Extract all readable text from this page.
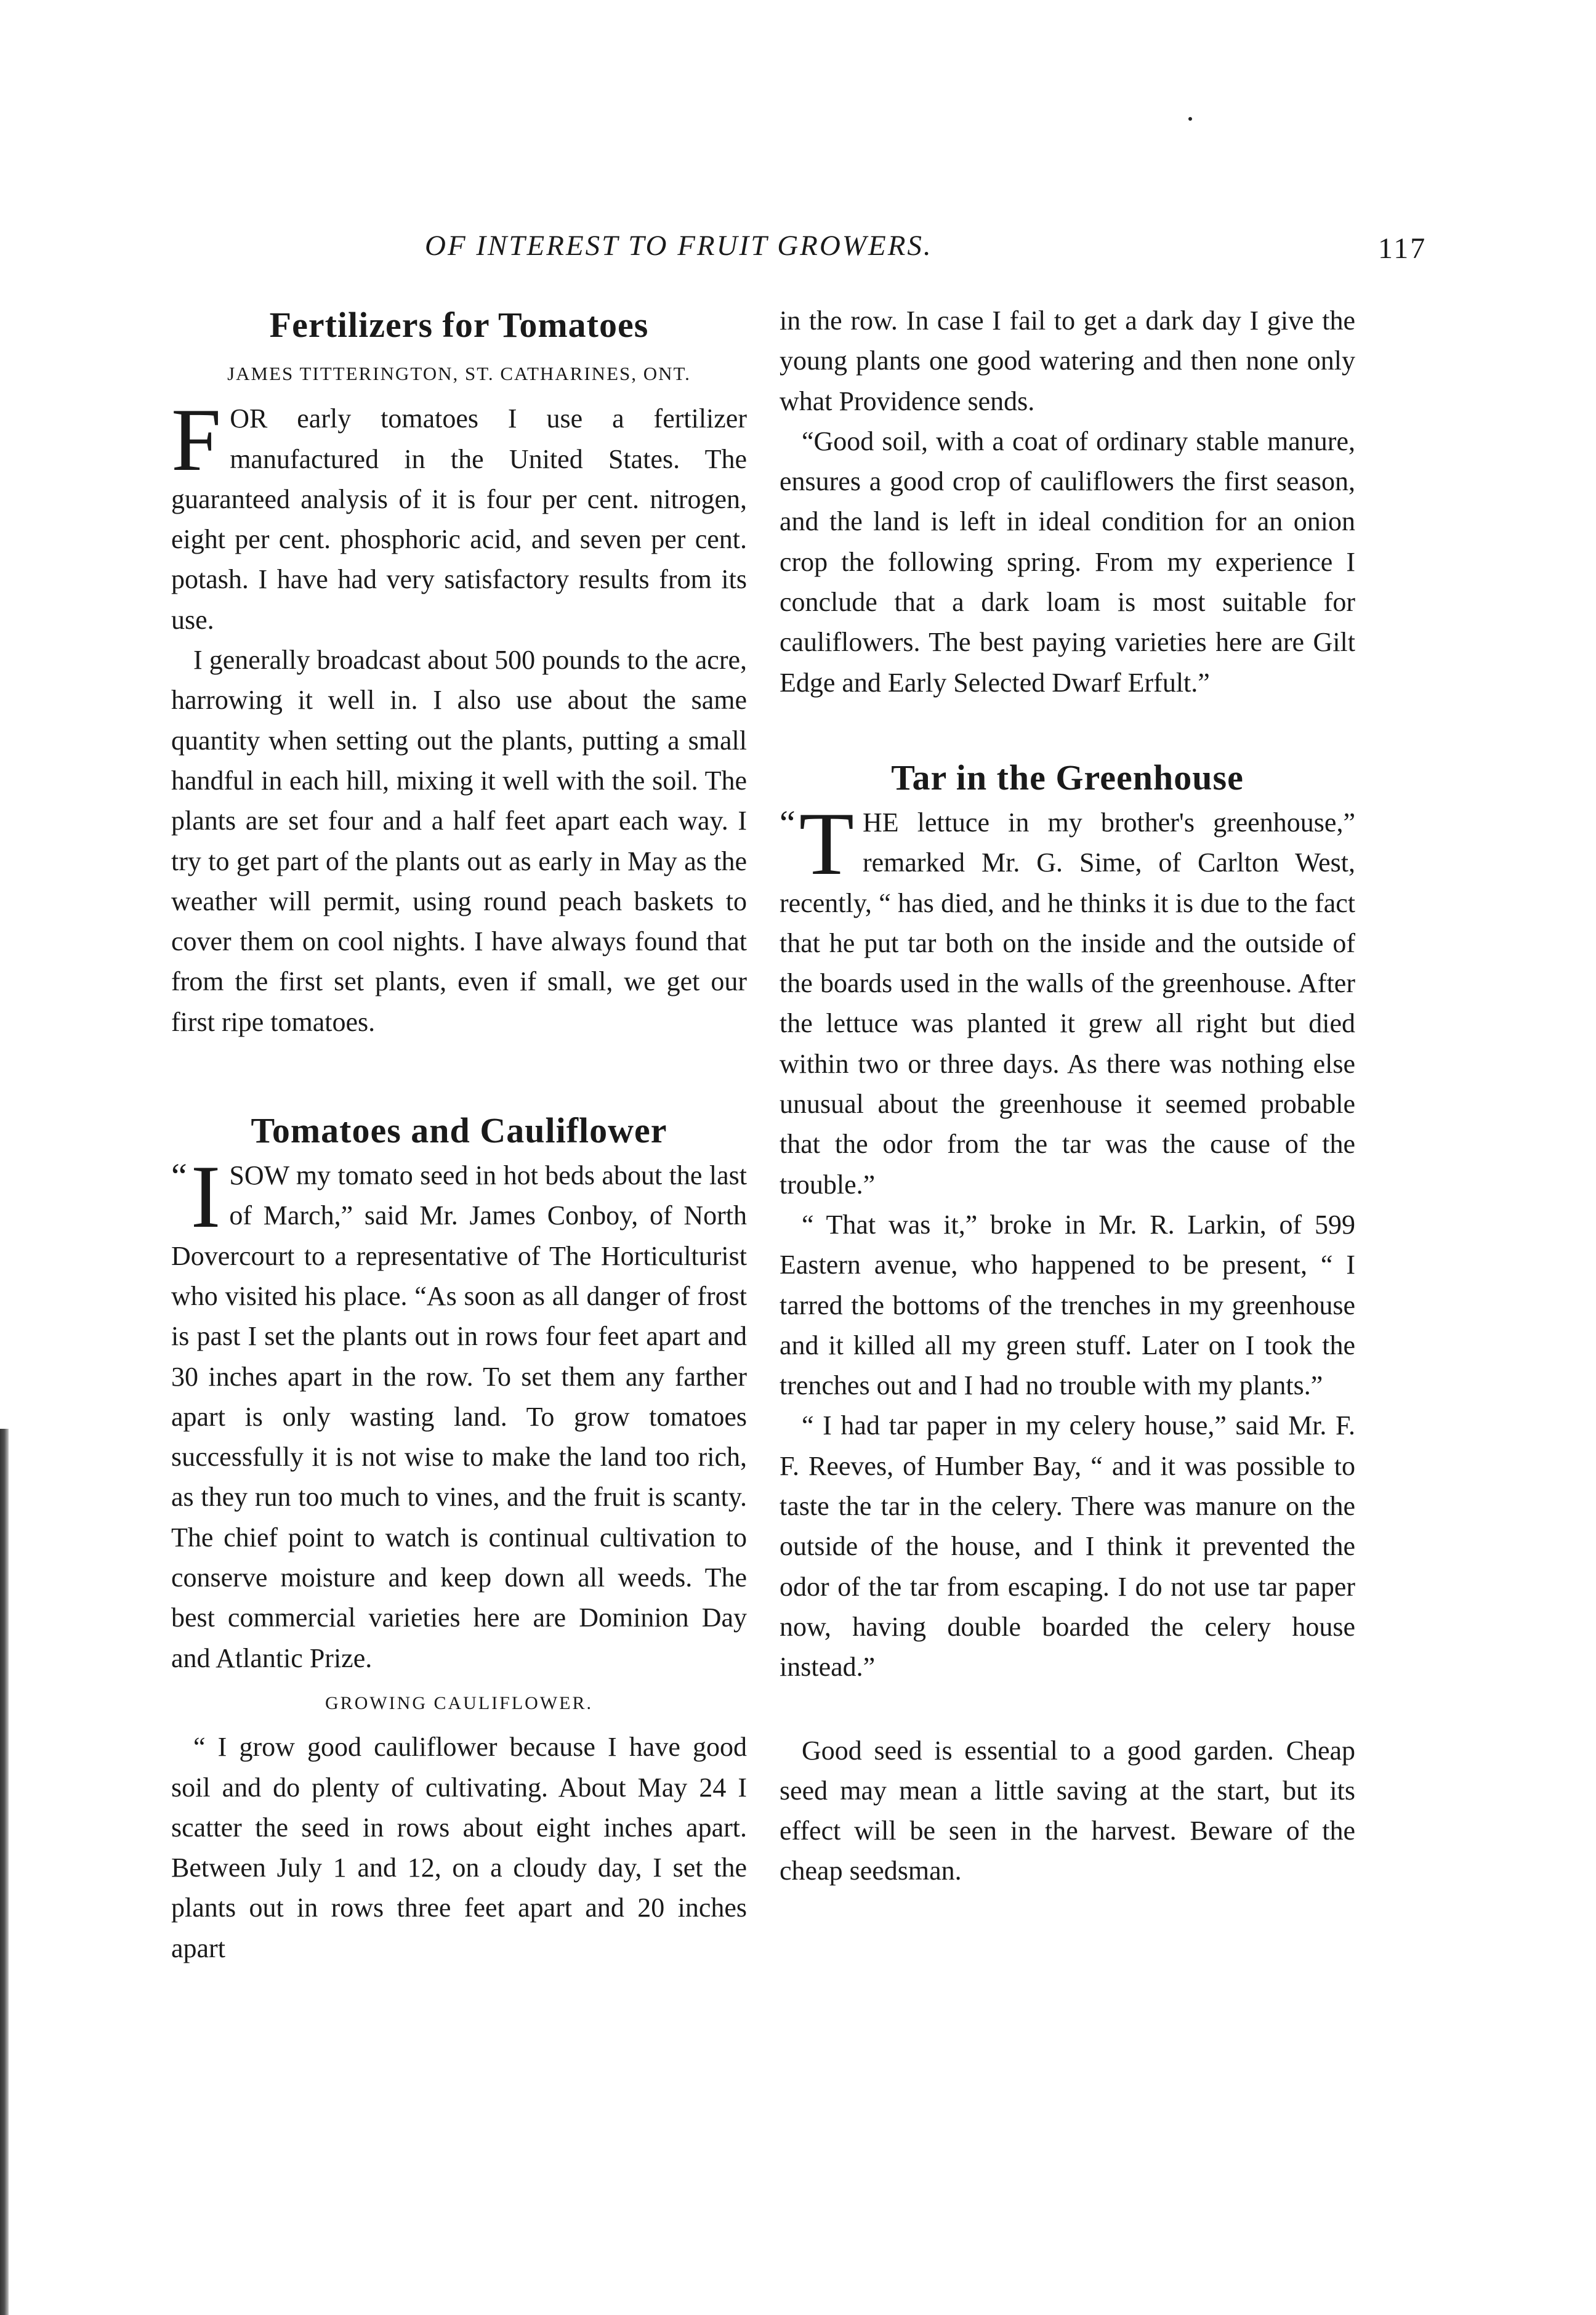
OF INTEREST TO FRUIT GROWERS.	117
Fertilizers for Tomatoes
JAMES TITTERINGTON, ST. CATHARINES, ONT.

FOR early tomatoes I use a fertilizer manufactured in the United States. The guaranteed analysis of it is four per cent. nitrogen, eight per cent. phosphoric acid, and seven per cent. potash. I have had very satisfactory results from its use.

I generally broadcast about 500 pounds to the acre, harrowing it well in. I also use about the same quantity when setting out the plants, putting a small handful in each hill, mixing it well with the soil. The plants are set four and a half feet apart each way. I try to get part of the plants out as early in May as the weather will permit, using round peach baskets to cover them on cool nights. I have always found that from the first set plants, even if small, we get our first ripe tomatoes.

Tomatoes and Cauliflower

“ I SOW my tomato seed in hot beds about the last of March,” said Mr. James Conboy, of North Dovercourt to a representative of The Horticulturist who visited his place. “As soon as all danger of frost is past I set the plants out in rows four feet apart and 30 inches apart in the row. To set them any farther apart is only wasting land. To grow tomatoes successfully it is not wise to make the land too rich, as they run too much to vines, and the fruit is scanty. The chief point to watch is continual cultivation to conserve moisture and keep down all weeds. The best commercial varieties here are Dominion Day and Atlantic Prize.

GROWING CAULIFLOWER.

“ I grow good cauliflower because I have good soil and do plenty of cultivating. About May 24 I scatter the seed in rows about eight inches apart. Between July 1 and 12, on a cloudy day, I set the plants out in rows three feet apart and 20 inches apart

in the row. In case I fail to get a dark day I give the young plants one good watering and then none only what Providence sends.

“Good soil, with a coat of ordinary stable manure, ensures a good crop of cauliflowers the first season, and the land is left in ideal condition for an onion crop the following spring. From my experience I conclude that a dark loam is most suitable for cauliflowers. The best paying varieties here are Gilt Edge and Early Selected Dwarf Erfult.”

Tar in the Greenhouse

“ T HE lettuce in my brother's greenhouse,” remarked Mr. G. Sime, of Carlton West, recently, “ has died, and he thinks it is due to the fact that he put tar both on the inside and the outside of the boards used in the walls of the greenhouse. After the lettuce was planted it grew all right but died within two or three days. As there was nothing else unusual about the greenhouse it seemed probable that the odor from the tar was the cause of the trouble.”

“ That was it,” broke in Mr. R. Larkin, of 599 Eastern avenue, who happened to be present, “ I tarred the bottoms of the trenches in my greenhouse and it killed all my green stuff. Later on I took the trenches out and I had no trouble with my plants.”

“ I had tar paper in my celery house,” said Mr. F. F. Reeves, of Humber Bay, “ and it was possible to taste the tar in the celery. There was manure on the outside of the house, and I think it prevented the odor of the tar from escaping. I do not use tar paper now, having double boarded the celery house instead.”

Good seed is essential to a good garden. Cheap seed may mean a little saving at the start, but its effect will be seen in the harvest. Beware of the cheap seedsman.
